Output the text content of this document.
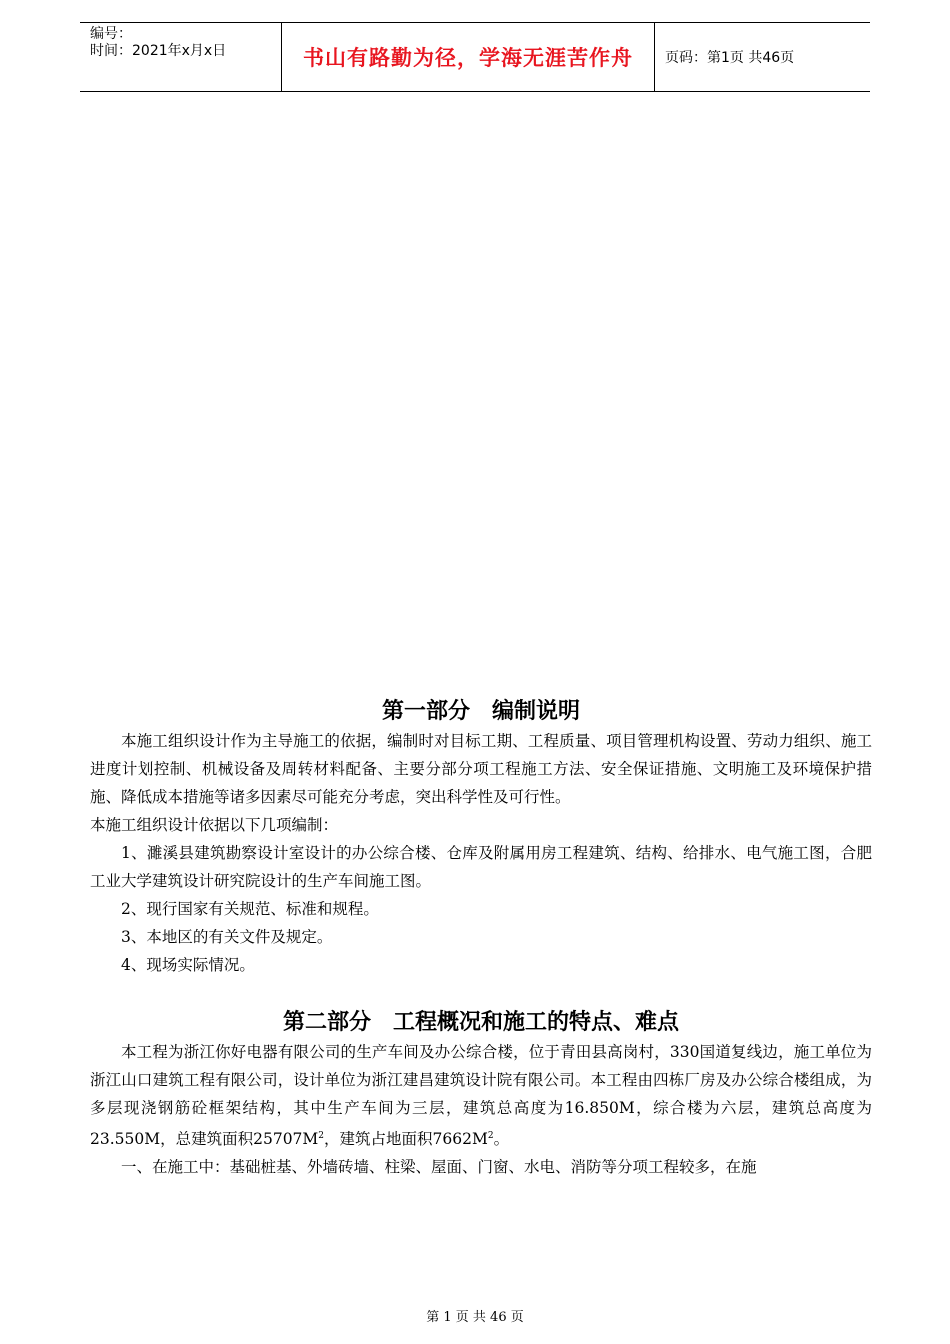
编号：
时间：2021年x月x日	书山有路勤为径，学海无涯苦作舟	页码：第1页 共46页
第一部分　编制说明

本施工组织设计作为主导施工的依据，编制时对目标工期、工程质量、项目管理机构设置、劳动力组织、施工进度计划控制、机械设备及周转材料配备、主要分部分项工程施工方法、安全保证措施、文明施工及环境保护措施、降低成本措施等诸多因素尽可能充分考虑，突出科学性及可行性。

本施工组织设计依据以下几项编制：

1、濉溪县建筑勘察设计室设计的办公综合楼、仓库及附属用房工程建筑、结构、给排水、电气施工图，合肥工业大学建筑设计研究院设计的生产车间施工图。

2、现行国家有关规范、标准和规程。

3、本地区的有关文件及规定。

4、现场实际情况。

第二部分　工程概况和施工的特点、难点

本工程为浙江你好电器有限公司的生产车间及办公综合楼，位于青田县高岗村，330国道复线边，施工单位为浙江山口建筑工程有限公司，设计单位为浙江建昌建筑设计院有限公司。本工程由四栋厂房及办公综合楼组成，为多层现浇钢筋砼框架结构，其中生产车间为三层，建筑总高度为16.850M，综合楼为六层，建筑总高度为23.550M，总建筑面积$25707M^2$，建筑占地面积$7662M^2$。

一、在施工中：基础桩基、外墙砖墙、柱梁、屋面、门窗、水电、消防等分项工程较多，在施

第 1 页 共 46 页
